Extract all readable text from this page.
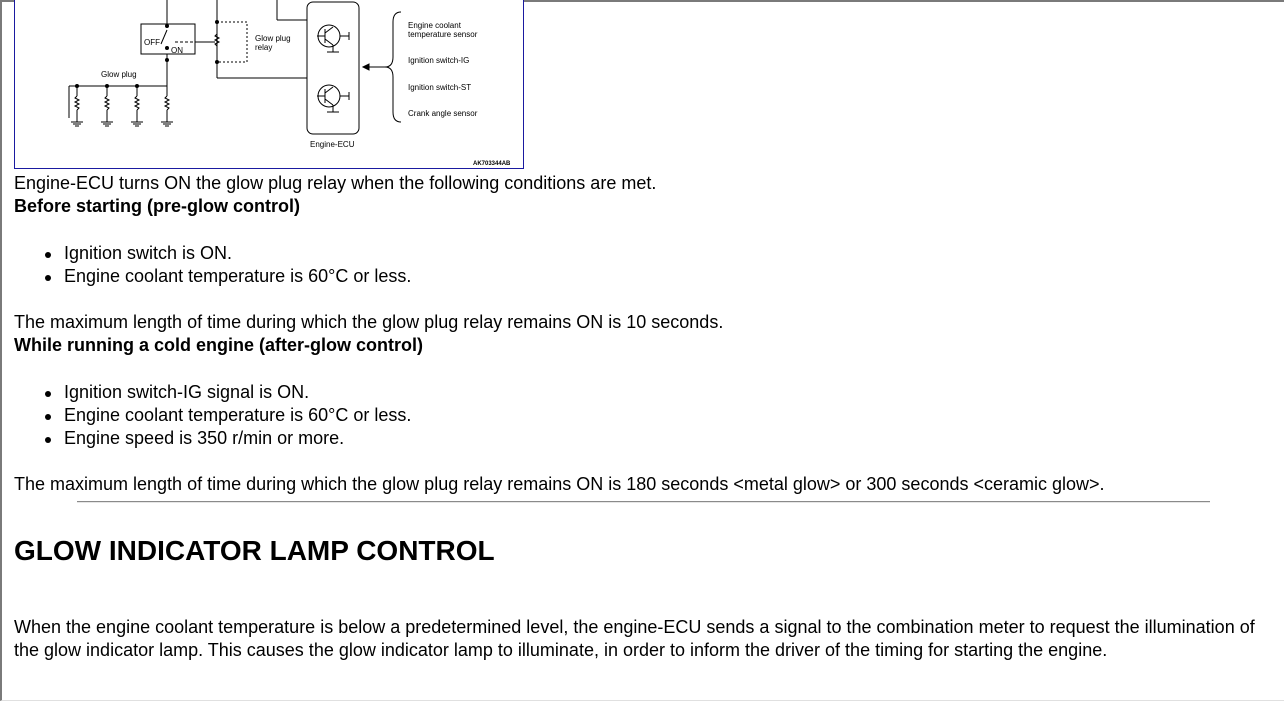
OFF
ON
Glow plug
relay
Glow plug
Engine-ECU
Engine coolant
temperature sensor
Ignition switch-IG
Ignition switch-ST
Crank angle sensor
AK703344AB

Engine-ECU turns ON the glow plug relay when the following conditions are met.

Before starting (pre-glow control)

Ignition switch is ON.
Engine coolant temperature is 60°C or less.

The maximum length of time during which the glow plug relay remains ON is 10 seconds.

While running a cold engine (after-glow control)

Ignition switch-IG signal is ON.
Engine coolant temperature is 60°C or less.
Engine speed is 350 r/min or more.

The maximum length of time during which the glow plug relay remains ON is 180 seconds <metal glow> or 300 seconds <ceramic glow>.

GLOW INDICATOR LAMP CONTROL

When the engine coolant temperature is below a predetermined level, the engine-ECU sends a signal to the combination meter to request the illumination of the glow indicator lamp. This causes the glow indicator lamp to illuminate, in order to inform the driver of the timing for starting the engine.
